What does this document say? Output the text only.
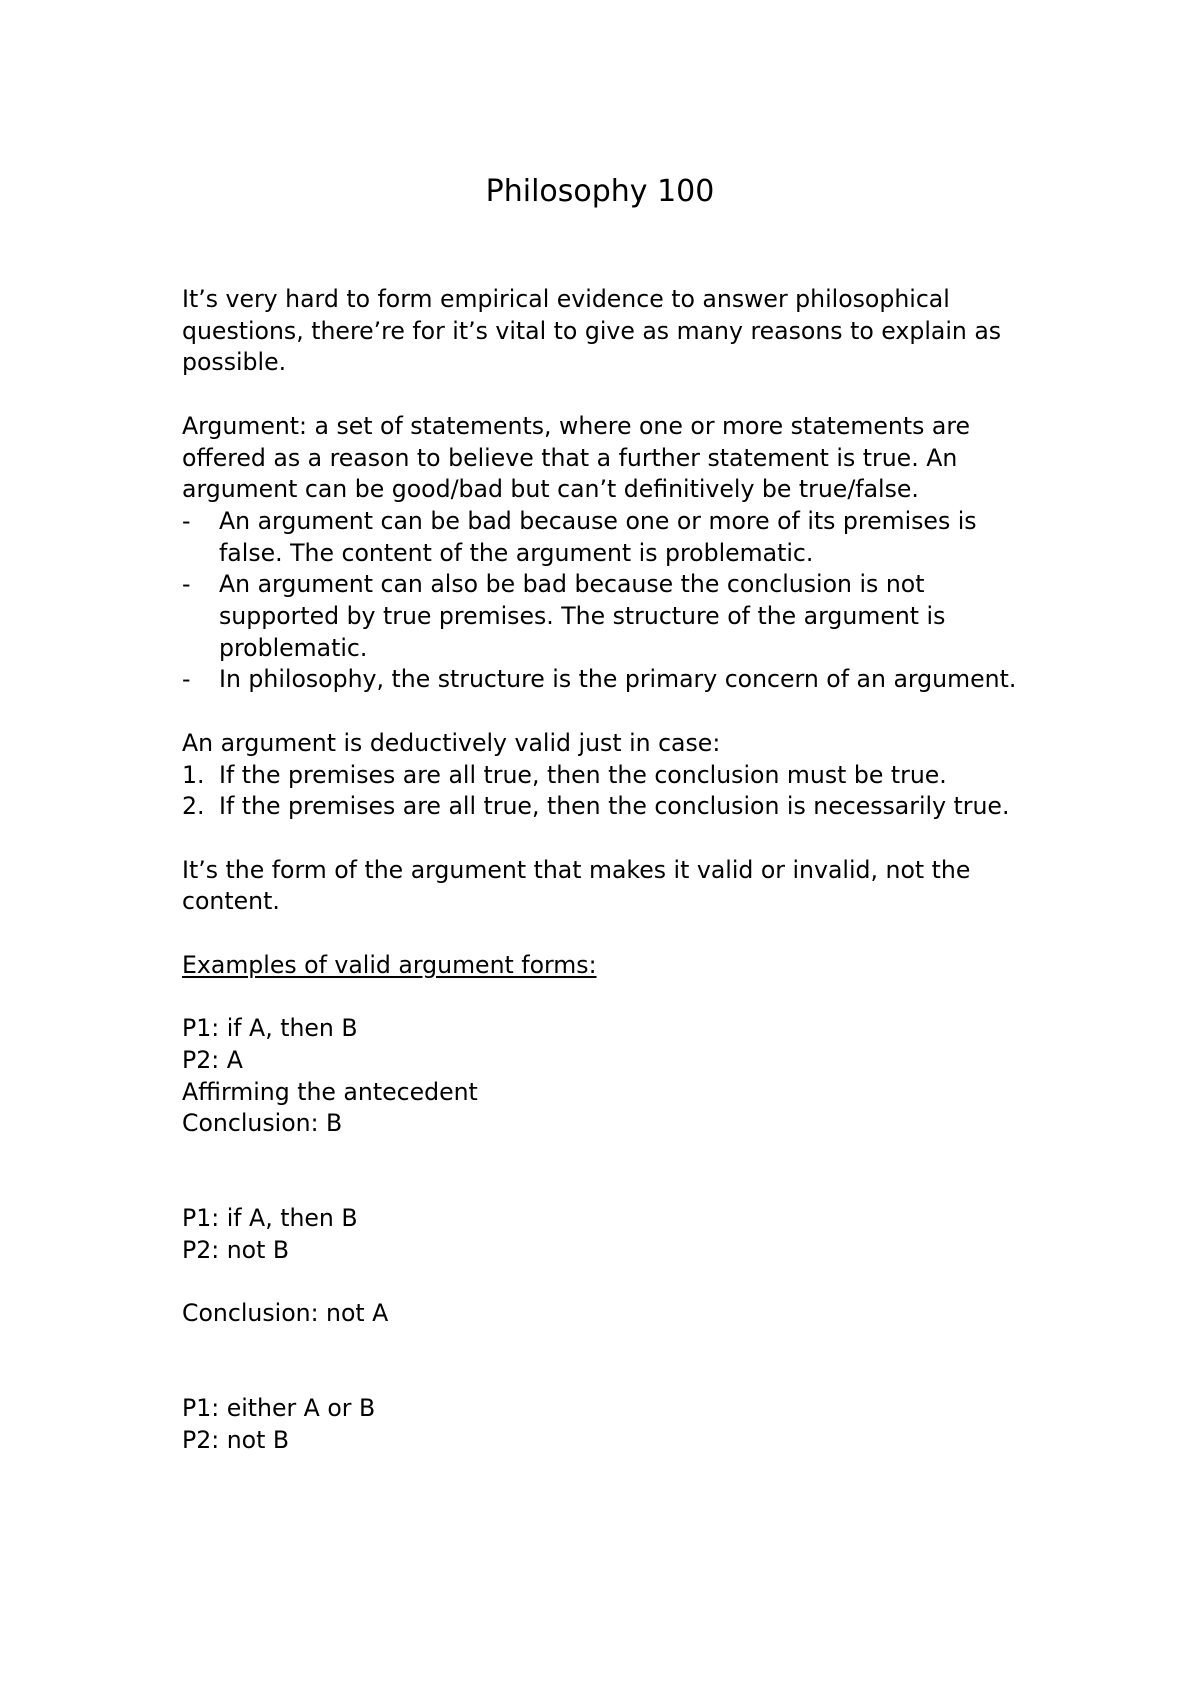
Philosophy 100

It’s very hard to form empirical evidence to answer philosophical questions, there’re for it’s vital to give as many reasons to explain as possible.

Argument: a set of statements, where one or more statements are offered as a reason to believe that a further statement is true. An argument can be good/bad but can’t definitively be true/false.

- An argument can be bad because one or more of its premises is false. The content of the argument is problematic.
- An argument can also be bad because the conclusion is not supported by true premises. The structure of the argument is problematic.
- In philosophy, the structure is the primary concern of an argument.

An argument is deductively valid just in case:

1. If the premises are all true, then the conclusion must be true.
2. If the premises are all true, then the conclusion is necessarily true.

It’s the form of the argument that makes it valid or invalid, not the content.

Examples of valid argument forms:

P1: if A, then B

P2: A

Affirming the antecedent

Conclusion: B

P1: if A, then B

P2: not B

Conclusion: not A

P1: either A or B

P2: not B
